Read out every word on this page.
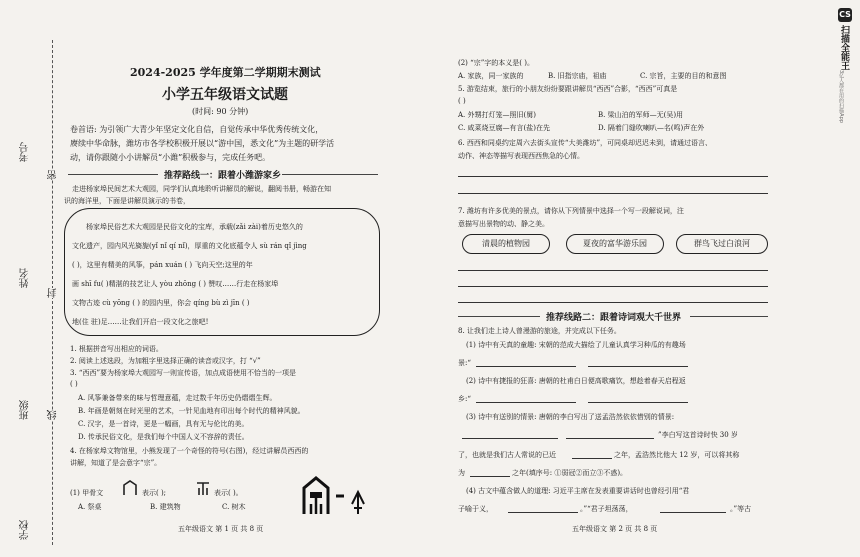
考号
姓名
班级
学校
密
封
线
CS
扫描全能王
3亿人都在用的扫描App
2024-2025 学年度第二学期期末测试
小学五年级语文试题
(时间: 90 分钟)
卷首语: 为引领广大青少年坚定文化自信，自觉传承中华优秀传统文化，
赓续中华命脉，潍坊市各学校积极开展以“游中国，悉文化”为主题的研学活
动，请你跟随小小讲解员“小潍”积极参与，完成任务吧。
推荐路线一：跟着小潍游家乡
走进杨家埠民间艺术大观园，同学们认真地聆听讲解员的解说，翻阅书册，畅游在知
识的海洋里，下面是讲解员演示的书卷，
杨家埠民俗艺术大观园是民俗文化的宝库，承载(zǎi zài)着历史悠久的
文化遗产，园内风光旖旎(yǐ nǐ qí nǐ)，厚重的文化底蕴令人 sù rán qǐ jìng
( )，这里有精美的风筝，pán xuán ( ) 飞向天空;这里的年
画 shī fu( )精湛的技艺让人 yòu zhōng ( ) 赞叹……行走在杨家埠
文物古迹 cù yōng ( ) 的园内里，你会 qíng bù zì jīn ( )
地(住 驻)足……让我们开启一段文化之旅吧!
1. 根据拼音写出相应的词语。
2. 阅读上述选段，为加粗字里选择正确的读音或汉字，打 “√”
3. “西西”要为杨家埠大观园写一则宣传语，加点成语使用不恰当的一项是
( )
A. 风筝兼备带来的味与哲理意蕴，走过数千年历史仍熠熠生辉。
B. 年画是朝刻在时光里的艺术，一针见血地有印出每个时代的精神风貌。
C. 汉字，是一首诗，更是一幅画，具有无与伦比的美。
D. 传承民俗文化，是我们每个中国人义不容辞的责任。
4. 在杨家埠文物馆里，小熊发现了一个奇怪的符号(右图)，经过讲解员西西的
讲解，知道了是会意字“宗”。
(1) 甲骨文	表示( );	表示( )。
A. 祭桌	B. 建筑物	C. 树木
五年级语文 第 1 页 共 8 页
(2) “宗”字的本义是( )。
A. 家族，同一家族的	B. 旧指宗庙，祖庙	C. 宗旨，主要的目的和意图
5. 游览结束，旅行的小朋友纷纷要跟讲解员“西西”合影，“西西”可真是
( )
A. 外甥打灯笼—照旧(舅)	B. 梁山泊的军师—无(吴)用
C. 咸菜烧豆腐—有言(盐)在先	D. 隔着门缝吹喇叭—名(鸣)声在外
6. 西西和同桌约定周六去街头宣传“大美潍坊”，可同桌却迟迟未到，请通过语言、
动作、神态等描写表现西西焦急的心情。
7. 潍坊有许多优美的景点，请你从下列情景中选择一个写一段解说词，注
意描写出景物的动、静之美。
清晨的植物园	夏夜的富华游乐园	群鸟飞过白浪河
推荐线路二：跟着诗词观大千世界
8. 让我们走上诗人曾漫游的旅途，并完成以下任务。
(1) 诗中有天真的童趣: 宋朝的范成大描绘了儿童认真学习种瓜的有趣场
景:“
(2) 诗中有捷报的狂喜: 唐朝的杜甫白日便高歌痛饮，想趁着春天启程返
乡:“
(3) 诗中有送别的情景: 唐朝的李白写出了送孟浩然依依惜别的情景:
”李白写这首诗时快 30 岁
了，也就是我们古人常说的已近	之年，孟浩然比他大 12 岁，可以将其称
为	之年(填序号: ①弱冠②而立③不惑)。
(4) 古文中蕴含做人的道理: 习近平主席在发表重要讲话时也曾经引用“君
子喻于义，	。”“君子坦荡荡，	。”等古
五年级语文 第 2 页 共 8 页
